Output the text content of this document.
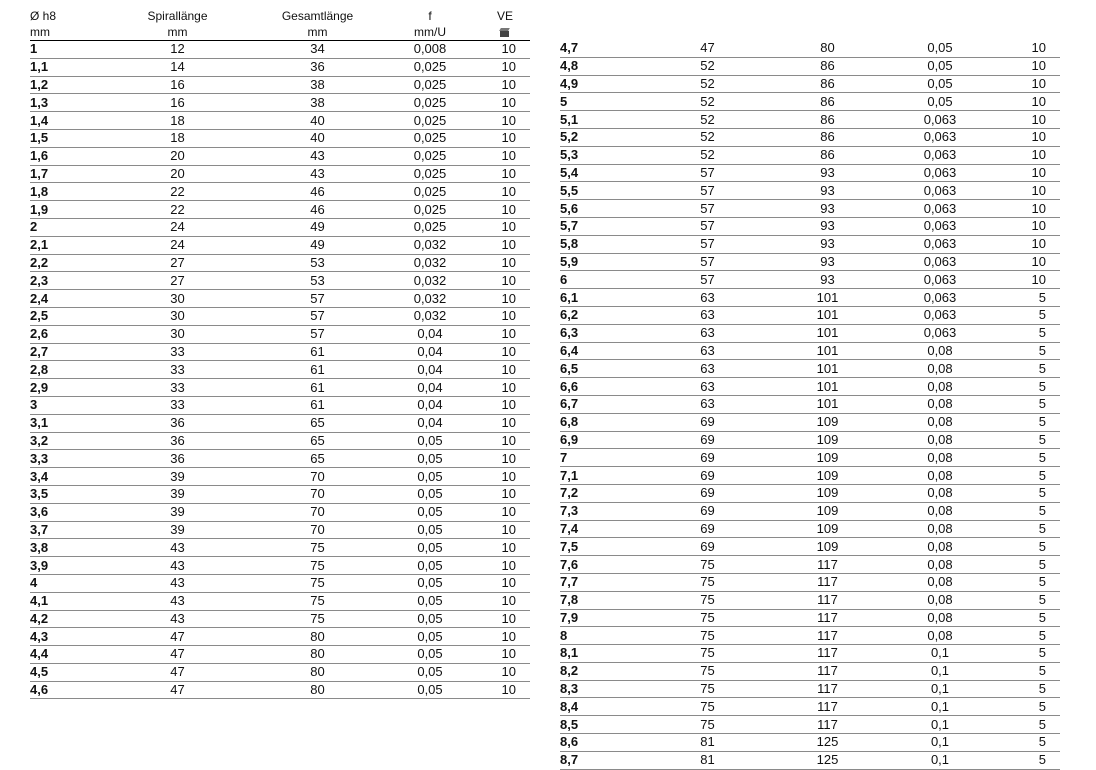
Ø h8	Spirallänge	Gesamtlänge	f	VE
mm	mm	mm	mm/U	
1	12	34	0,008	10
1,1	14	36	0,025	10
1,2	16	38	0,025	10
1,3	16	38	0,025	10
1,4	18	40	0,025	10
1,5	18	40	0,025	10
1,6	20	43	0,025	10
1,7	20	43	0,025	10
1,8	22	46	0,025	10
1,9	22	46	0,025	10
2	24	49	0,025	10
2,1	24	49	0,032	10
2,2	27	53	0,032	10
2,3	27	53	0,032	10
2,4	30	57	0,032	10
2,5	30	57	0,032	10
2,6	30	57	0,04	10
2,7	33	61	0,04	10
2,8	33	61	0,04	10
2,9	33	61	0,04	10
3	33	61	0,04	10
3,1	36	65	0,04	10
3,2	36	65	0,05	10
3,3	36	65	0,05	10
3,4	39	70	0,05	10
3,5	39	70	0,05	10
3,6	39	70	0,05	10
3,7	39	70	0,05	10
3,8	43	75	0,05	10
3,9	43	75	0,05	10
4	43	75	0,05	10
4,1	43	75	0,05	10
4,2	43	75	0,05	10
4,3	47	80	0,05	10
4,4	47	80	0,05	10
4,5	47	80	0,05	10
4,6	47	80	0,05	10
4,7	47	80	0,05	10
4,8	52	86	0,05	10
4,9	52	86	0,05	10
5	52	86	0,05	10
5,1	52	86	0,063	10
5,2	52	86	0,063	10
5,3	52	86	0,063	10
5,4	57	93	0,063	10
5,5	57	93	0,063	10
5,6	57	93	0,063	10
5,7	57	93	0,063	10
5,8	57	93	0,063	10
5,9	57	93	0,063	10
6	57	93	0,063	10
6,1	63	101	0,063	5
6,2	63	101	0,063	5
6,3	63	101	0,063	5
6,4	63	101	0,08	5
6,5	63	101	0,08	5
6,6	63	101	0,08	5
6,7	63	101	0,08	5
6,8	69	109	0,08	5
6,9	69	109	0,08	5
7	69	109	0,08	5
7,1	69	109	0,08	5
7,2	69	109	0,08	5
7,3	69	109	0,08	5
7,4	69	109	0,08	5
7,5	69	109	0,08	5
7,6	75	117	0,08	5
7,7	75	117	0,08	5
7,8	75	117	0,08	5
7,9	75	117	0,08	5
8	75	117	0,08	5
8,1	75	117	0,1	5
8,2	75	117	0,1	5
8,3	75	117	0,1	5
8,4	75	117	0,1	5
8,5	75	117	0,1	5
8,6	81	125	0,1	5
8,7	81	125	0,1	5
